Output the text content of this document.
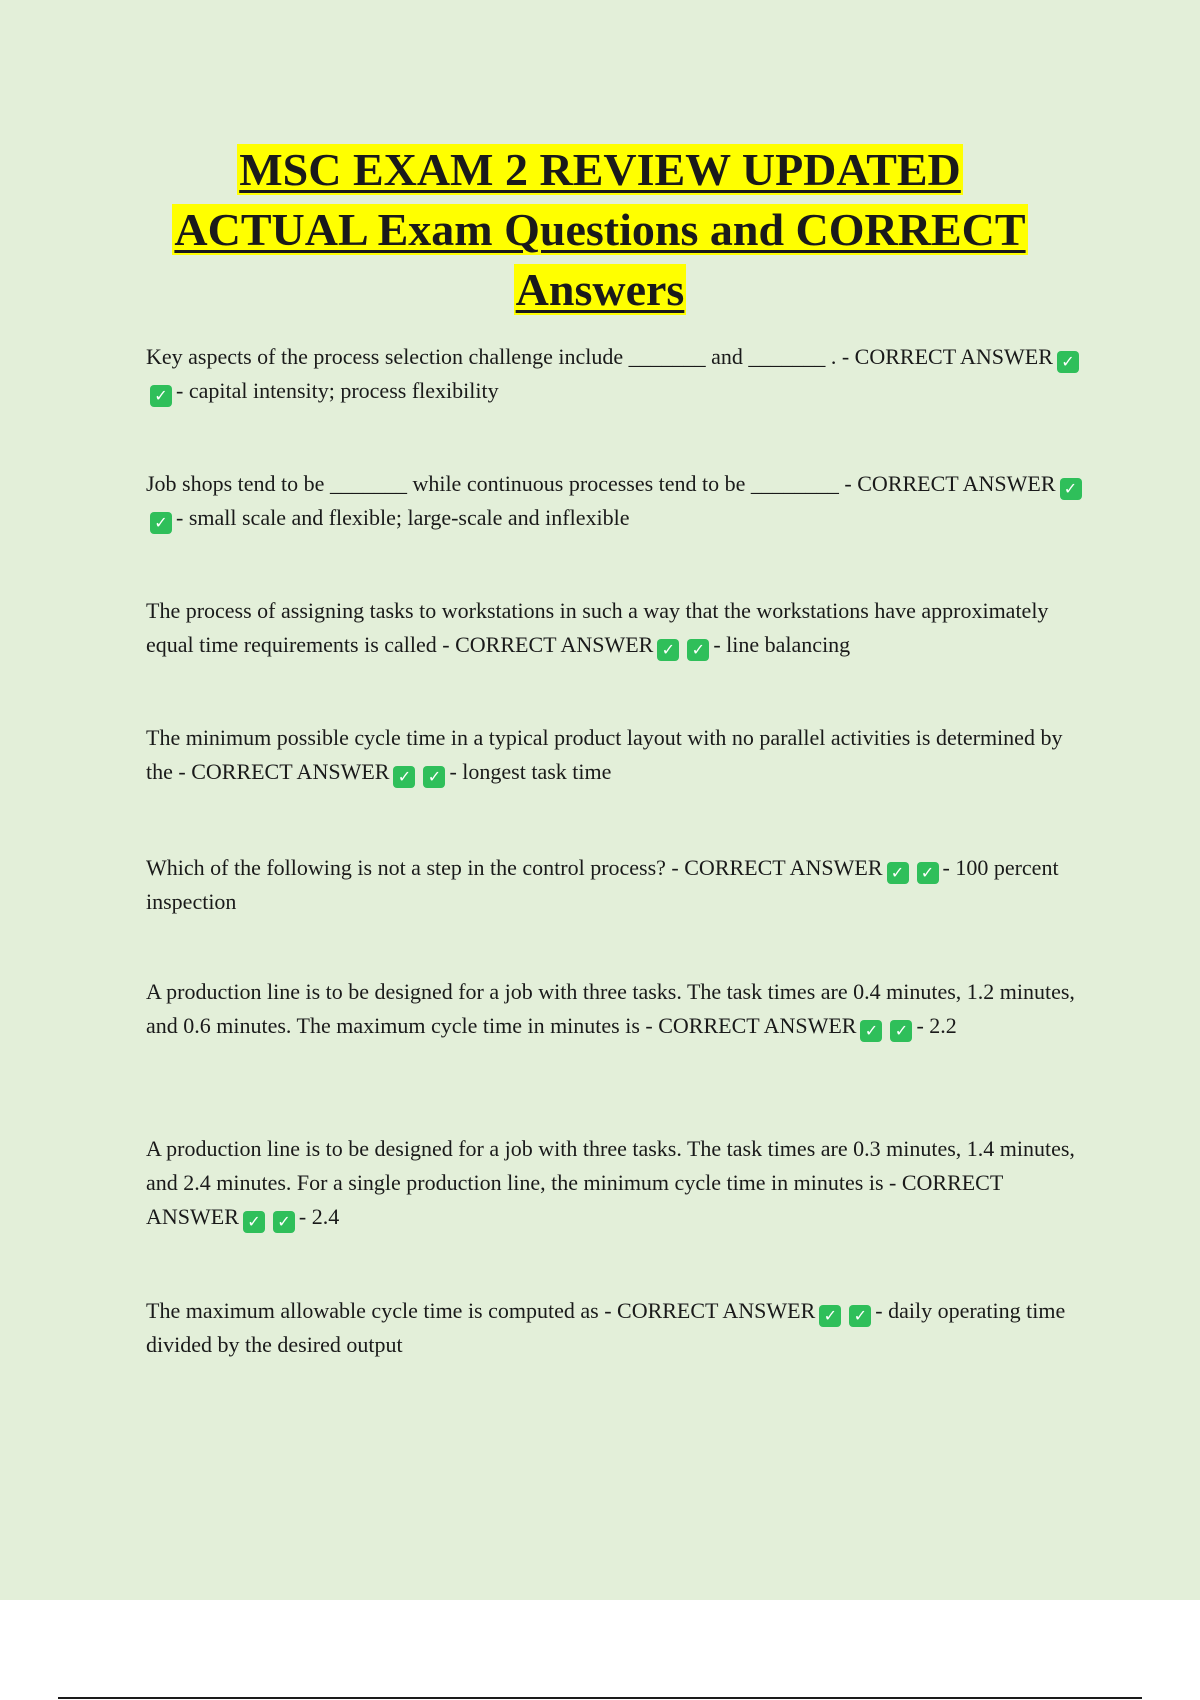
MSC EXAM 2 REVIEW UPDATED
ACTUAL Exam Questions and CORRECT
Answers

Key aspects of the process selection challenge include _______ and _______ . - CORRECT ANSWER ✓✓ - capital intensity; process flexibility

Job shops tend to be _______ while continuous processes tend to be ________ - CORRECT ANSWER ✓✓ - small scale and flexible; large-scale and inflexible

The process of assigning tasks to workstations in such a way that the workstations have approximately equal time requirements is called - CORRECT ANSWER ✓ ✓ - line balancing

The minimum possible cycle time in a typical product layout with no parallel activities is determined by the - CORRECT ANSWER ✓ ✓ - longest task time

Which of the following is not a step in the control process? - CORRECT ANSWER ✓ ✓ - 100 percent inspection

A production line is to be designed for a job with three tasks. The task times are 0.4 minutes, 1.2 minutes, and 0.6 minutes. The maximum cycle time in minutes is - CORRECT ANSWER ✓ ✓ - 2.2

A production line is to be designed for a job with three tasks. The task times are 0.3 minutes, 1.4 minutes, and 2.4 minutes. For a single production line, the minimum cycle time in minutes is - CORRECT ANSWER ✓ ✓ - 2.4

The maximum allowable cycle time is computed as - CORRECT ANSWER ✓ ✓ - daily operating time divided by the desired output
